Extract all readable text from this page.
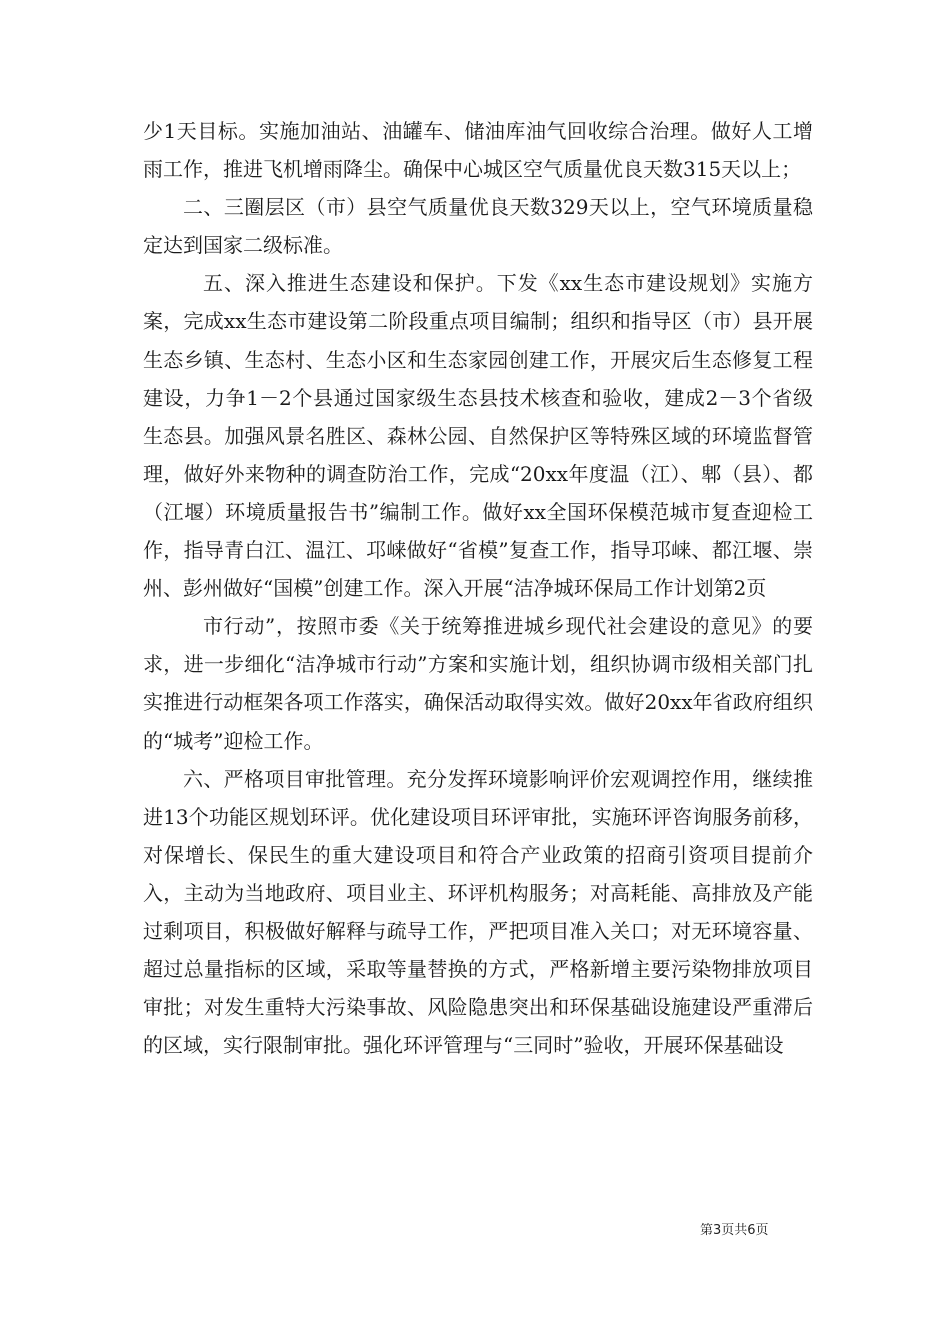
少1天目标。实施加油站、油罐车、储油库油气回收综合治理。做好人工增雨工作，推进飞机增雨降尘。确保中心城区空气质量优良天数315天以上；

二、三圈层区（市）县空气质量优良天数329天以上，空气环境质量稳定达到国家二级标准。

五、深入推进生态建设和保护。下发《xx生态市建设规划》实施方案，完成xx生态市建设第二阶段重点项目编制；组织和指导区（市）县开展生态乡镇、生态村、生态小区和生态家园创建工作，开展灾后生态修复工程建设，力争1－2个县通过国家级生态县技术核查和验收，建成2－3个省级生态县。加强风景名胜区、森林公园、自然保护区等特殊区域的环境监督管理，做好外来物种的调查防治工作，完成“20xx年度温（江）、郫（县）、都（江堰）环境质量报告书”编制工作。做好xx全国环保模范城市复查迎检工作，指导青白江、温江、邛崃做好“省模”复查工作，指导邛崃、都江堰、崇州、彭州做好“国模”创建工作。深入开展“洁净城环保局工作计划第2页

市行动”，按照市委《关于统筹推进城乡现代社会建设的意见》的要求，进一步细化“洁净城市行动”方案和实施计划，组织协调市级相关部门扎实推进行动框架各项工作落实，确保活动取得实效。做好20xx年省政府组织的“城考”迎检工作。

六、严格项目审批管理。充分发挥环境影响评价宏观调控作用，继续推进13个功能区规划环评。优化建设项目环评审批，实施环评咨询服务前移，对保增长、保民生的重大建设项目和符合产业政策的招商引资项目提前介入，主动为当地政府、项目业主、环评机构服务；对高耗能、高排放及产能过剩项目，积极做好解释与疏导工作，严把项目准入关口；对无环境容量、超过总量指标的区域，采取等量替换的方式，严格新增主要污染物排放项目审批；对发生重特大污染事故、风险隐患突出和环保基础设施建设严重滞后的区域，实行限制审批。强化环评管理与“三同时”验收，开展环保基础设

第3页共6页
